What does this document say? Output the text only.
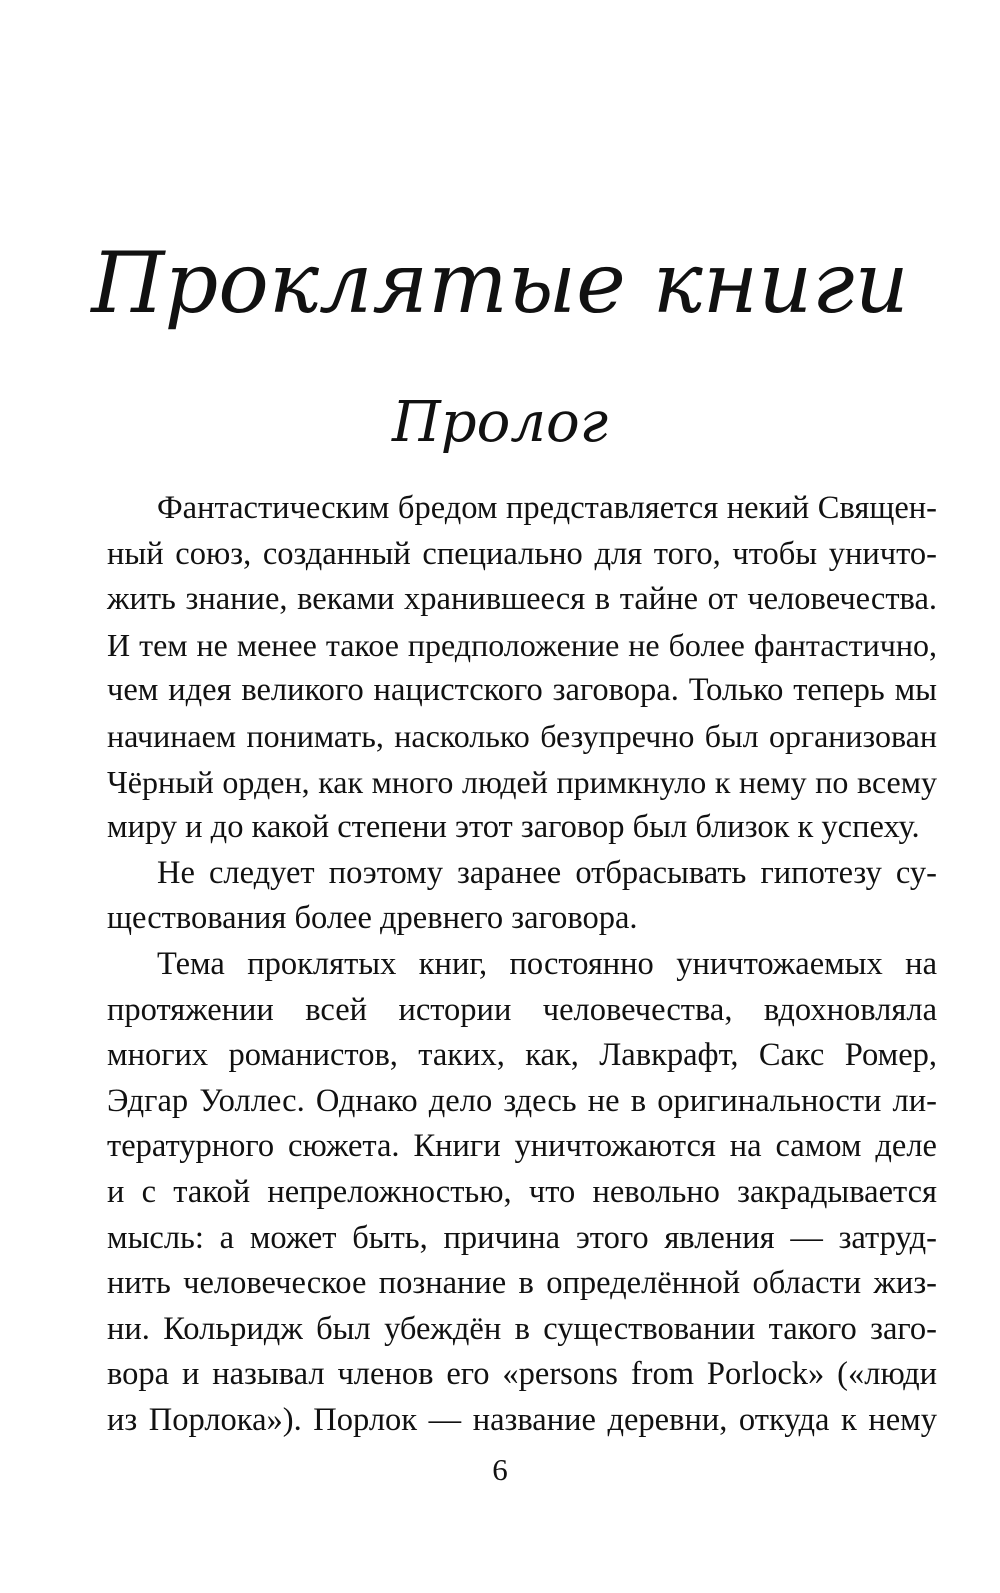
Проклятые книги
Пролог
Фантастическим бредом представляется некий Священ-
ный союз, созданный специально для того, чтобы уничто-
жить знание, веками хранившееся в тайне от человечества.
И тем не менее такое предположение не более фантастично,
чем идея великого нацистского заговора. Только теперь мы
начинаем понимать, насколько безупречно был организован
Чёрный орден, как много людей примкнуло к нему по всему
миру и до какой степени этот заговор был близок к успеху.
Не следует поэтому заранее отбрасывать гипотезу су-
ществования более древнего заговора.
Тема проклятых книг, постоянно уничтожаемых на
протяжении всей истории человечества, вдохновляла
многих романистов, таких, как, Лавкрафт, Сакс Ромер,
Эдгар Уоллес. Однако дело здесь не в оригинальности ли-
тературного сюжета. Книги уничтожаются на самом деле
и с такой непреложностью, что невольно закрадывается
мысль: а может быть, причина этого явления — затруд-
нить человеческое познание в определённой области жиз-
ни. Кольридж был убеждён в существовании такого заго-
вора и называл членов его «persons from Porlock» («люди
из Порлока»). Порлок — название деревни, откуда к нему
6
